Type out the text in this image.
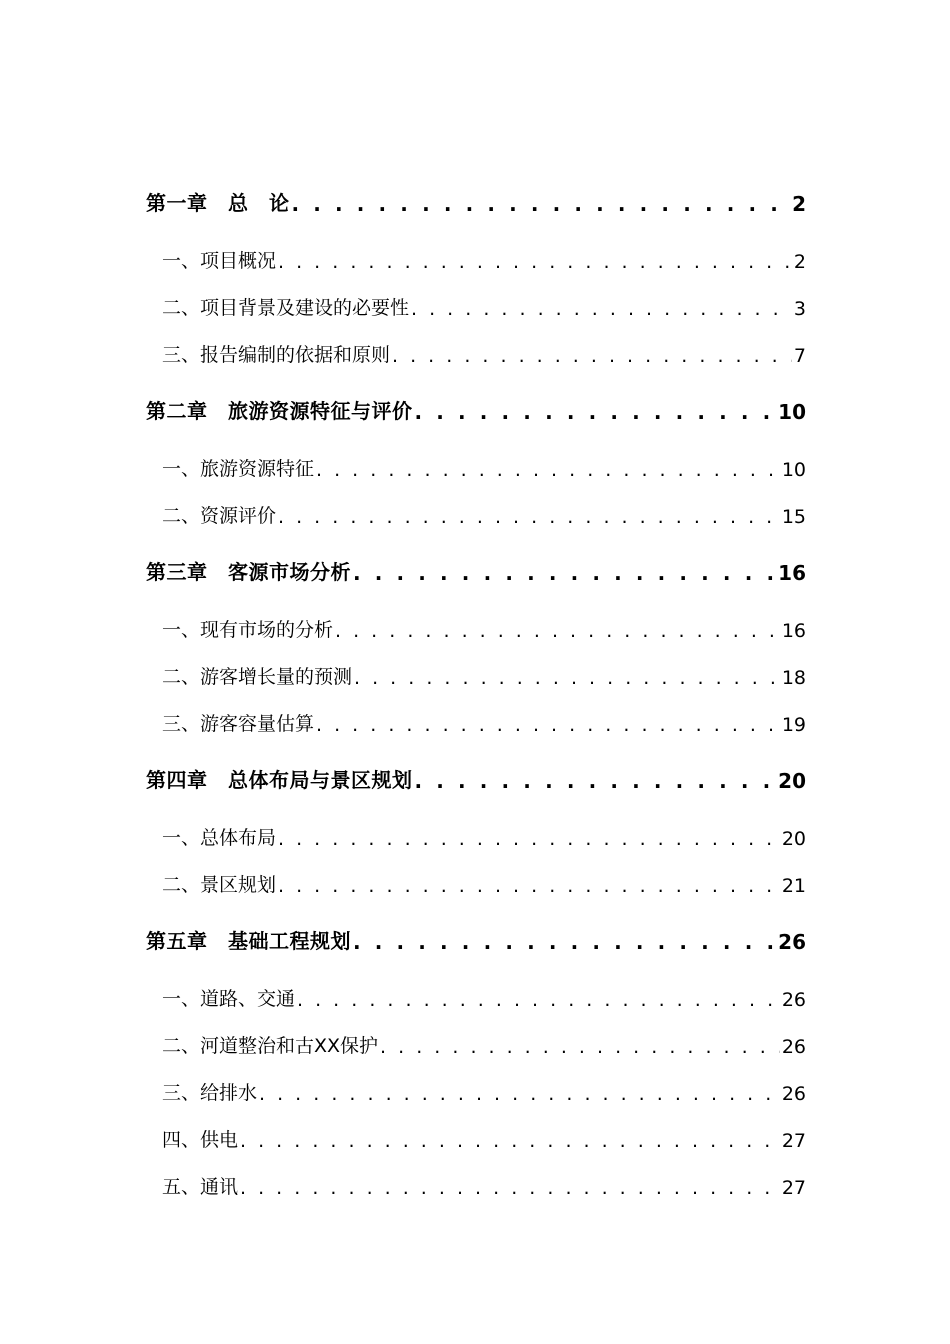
第一章　总　论 . . .	2
一、项目概况 . . .	2
二、项目背景及建设的必要性 . . .	3
三、报告编制的依据和原则 . . .	7
第二章　旅游资源特征与评价 . . .	10
一、旅游资源特征 . . .	10
二、资源评价 . . .	15
第三章　客源市场分析 . . .	16
一、现有市场的分析 . . .	16
二、游客增长量的预测 . . .	18
三、游客容量估算 . . .	19
第四章　总体布局与景区规划 . . .	20
一、总体布局 . . .	20
二、景区规划 . . .	21
第五章　基础工程规划 . . .	26
一、道路、交通 . . .	26
二、河道整治和古XX保护 . . .	26
三、给排水 . . .	26
四、供电 . . .	27
五、通讯 . . .	27
